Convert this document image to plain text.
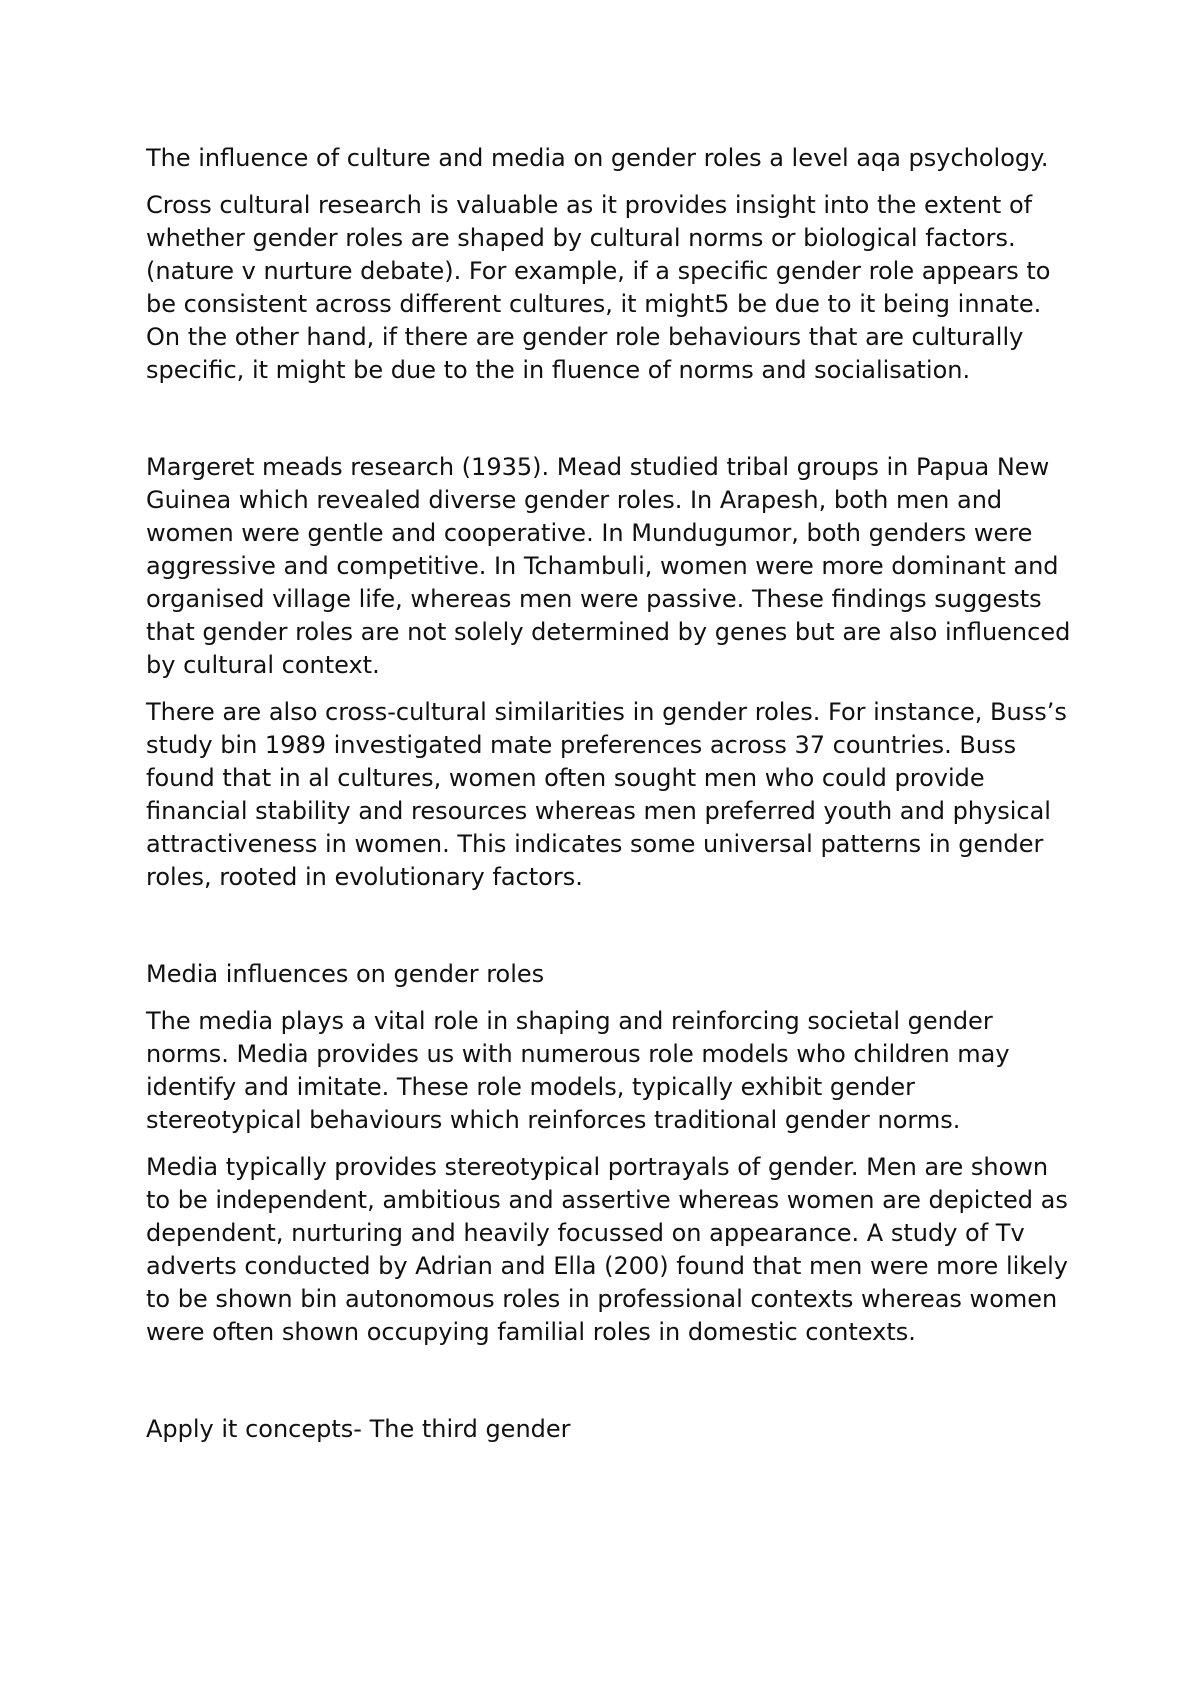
The influence of culture and media on gender roles a level aqa psychology.

Cross cultural research is valuable as it provides insight into the extent of whether gender roles are shaped by cultural norms or biological factors. (nature v nurture debate). For example, if a specific gender role appears to be consistent across different cultures, it might5 be due to it being innate. On the other hand, if there are gender role behaviours that are culturally specific, it might be due to the in fluence of norms and socialisation.

Margeret meads research (1935). Mead studied tribal groups in Papua New Guinea which revealed diverse gender roles. In Arapesh, both men and women were gentle and cooperative. In Mundugumor, both genders were aggressive and competitive. In Tchambuli, women were more dominant and organised village life, whereas men were passive. These findings suggests that gender roles are not solely determined by genes but are also influenced by cultural context.

There are also cross-cultural similarities in gender roles. For instance, Buss’s study bin 1989 investigated mate preferences across 37 countries. Buss found that in al cultures, women often sought men who could provide financial stability and resources whereas men preferred youth and physical attractiveness in women. This indicates some universal patterns in gender roles, rooted in evolutionary factors.

Media influences on gender roles

The media plays a vital role in shaping and reinforcing societal gender norms. Media provides us with numerous role models who children may identify and imitate. These role models, typically exhibit gender stereotypical behaviours which reinforces traditional gender norms.

Media typically provides stereotypical portrayals of gender. Men are shown to be independent, ambitious and assertive whereas women are depicted as dependent, nurturing and heavily focussed on appearance. A study of Tv adverts conducted by Adrian and Ella (200) found that men were more likely to be shown bin autonomous roles in professional contexts whereas women were often shown occupying familial roles in domestic contexts.

Apply it concepts- The third gender
